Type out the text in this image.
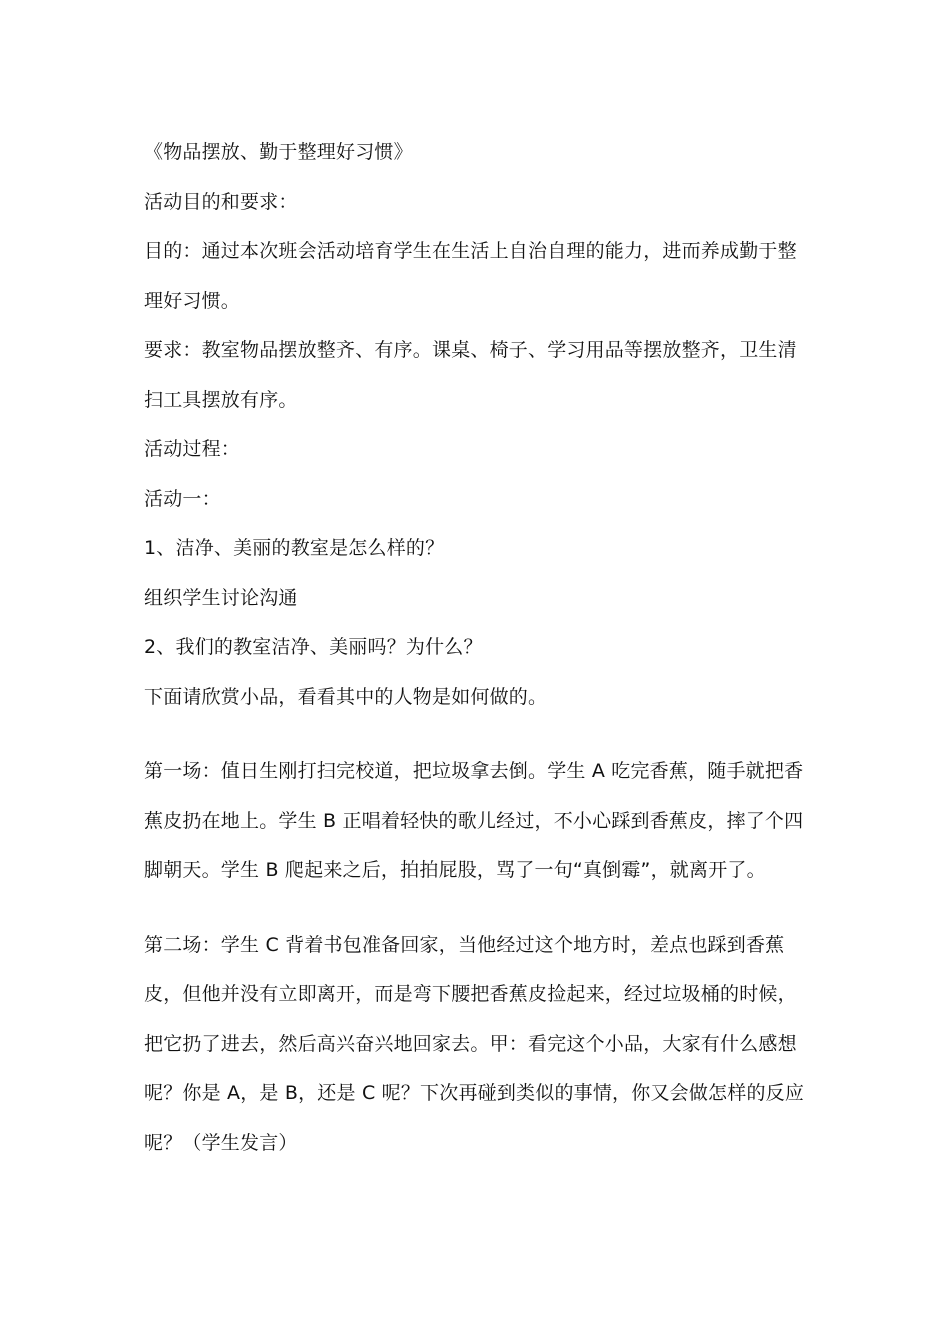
《物品摆放、勤于整理好习惯》

活动目的和要求：

目的：通过本次班会活动培育学生在生活上自治自理的能力，进而养成勤于整理好习惯。

要求：教室物品摆放整齐、有序。课桌、椅子、学习用品等摆放整齐，卫生清扫工具摆放有序。

活动过程：

活动一：

1、洁净、美丽的教室是怎么样的？

组织学生讨论沟通

2、我们的教室洁净、美丽吗？为什么？

下面请欣赏小品，看看其中的人物是如何做的。

第一场：值日生刚打扫完校道，把垃圾拿去倒。学生 A 吃完香蕉，随手就把香蕉皮扔在地上。学生 B 正唱着轻快的歌儿经过，不小心踩到香蕉皮，摔了个四脚朝天。学生 B 爬起来之后，拍拍屁股，骂了一句“真倒霉”，就离开了。

第二场：学生 C 背着书包准备回家，当他经过这个地方时，差点也踩到香蕉皮，但他并没有立即离开，而是弯下腰把香蕉皮捡起来，经过垃圾桶的时候，把它扔了进去，然后高兴奋兴地回家去。甲：看完这个小品，大家有什么感想呢？你是 A，是 B，还是 C 呢？下次再碰到类似的事情，你又会做怎样的反应呢？（学生发言）
